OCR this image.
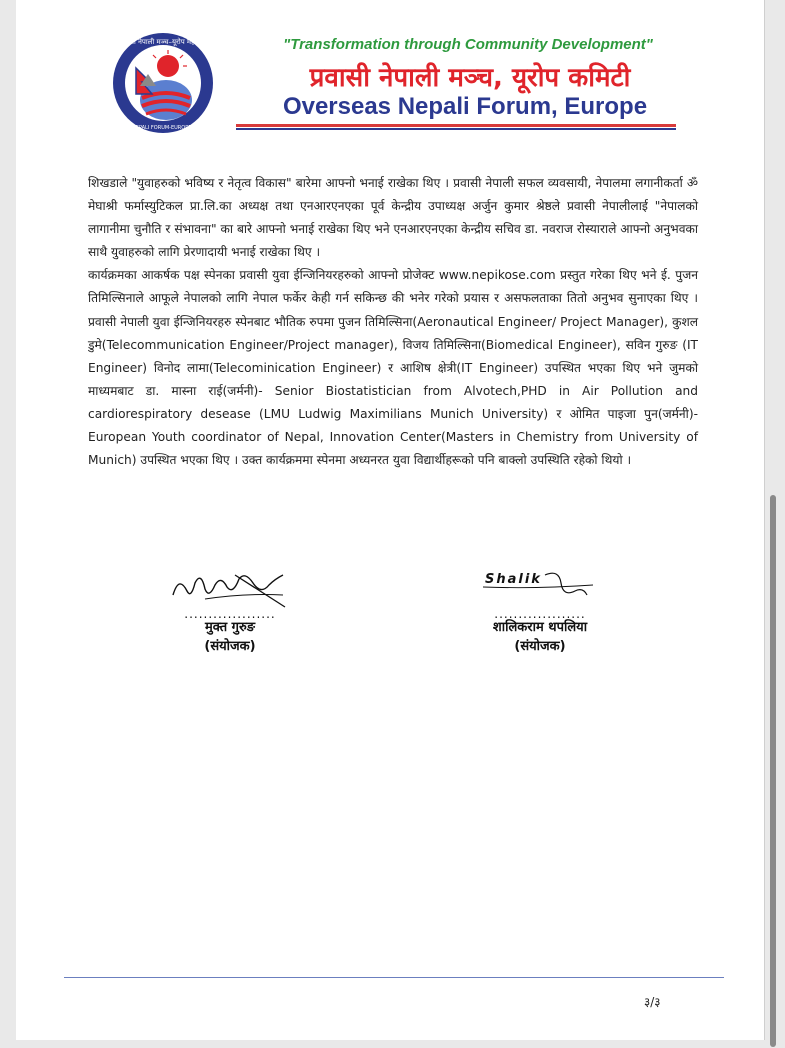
प्रवासी नेपाली मञ्च–यूरोप महाद्वीप
OVERSEAS NEPALI FORUM-EUROPE CONTINENT
"Transformation through Community Development"
प्रवासी नेपाली मञ्च, यूरोप कमिटी
Overseas Nepali Forum, Europe

शिखडाले "युवाहरुको भविष्य र नेतृत्व विकास" बारेमा आफ्नो भनाई राखेका थिए । प्रवासी नेपाली सफल व्यवसायी, नेपालमा लगानीकर्ता ॐ मेघाश्री फर्मास्युटिकल प्रा.लि.का अध्यक्ष तथा एनआरएनएका पूर्व केन्द्रीय उपाध्यक्ष अर्जुन कुमार श्रेष्ठले प्रवासी नेपालीलाई "नेपालको लागानीमा चुनौति र संभावना" का बारे आफ्नो भनाई राखेका थिए भने एनआरएनएका केन्द्रीय सचिव डा. नवराज रोस्याराले आफ्नो अनुभवका साथै युवाहरुको लागि प्रेरणादायी भनाई राखेका थिए ।

कार्यक्रमका आकर्षक पक्ष स्पेनका प्रवासी युवा ईन्जिनियरहरुको आफ्नो प्रोजेक्ट www.nepikose.com प्रस्तुत गरेका थिए भने ई. पुजन तिमिल्सिनाले आफूले नेपालको लागि नेपाल फर्केर केही गर्न सकिन्छ की भनेर गरेको प्रयास र असफलताका तितो अनुभव सुनाएका थिए । प्रवासी नेपाली युवा ईन्जिनियरहरु स्पेनबाट भौतिक रुपमा पुजन तिमिल्सिना(Aeronautical Engineer/ Project Manager), कुशल डुमे(Telecommunication Engineer/Project manager), विजय तिमिल्सिना(Biomedical Engineer), सविन गुरुङ (IT Engineer) विनोद लामा(Telecominication Engineer) र आशिष क्षेत्री(IT Engineer) उपस्थित भएका थिए भने जुमको माध्यमबाट डा. मास्ना राई(जर्मनी)- Senior Biostatistician from Alvotech,PHD in Air Pollution and cardiorespiratory desease (LMU Ludwig Maximilians Munich University) र ओमित पाइजा पुन(जर्मनी)- European Youth coordinator of Nepal, Innovation Center(Masters in Chemistry from University of Munich) उपस्थित भएका थिए । उक्त कार्यक्रममा स्पेनमा अध्यनरत युवा विद्यार्थीहरूको पनि बाक्लो उपस्थिति रहेको थियो ।

...................
मुक्त गुरुङ
(संयोजक)
Shalik
...................
शालिकराम थपलिया
(संयोजक)
३/३
